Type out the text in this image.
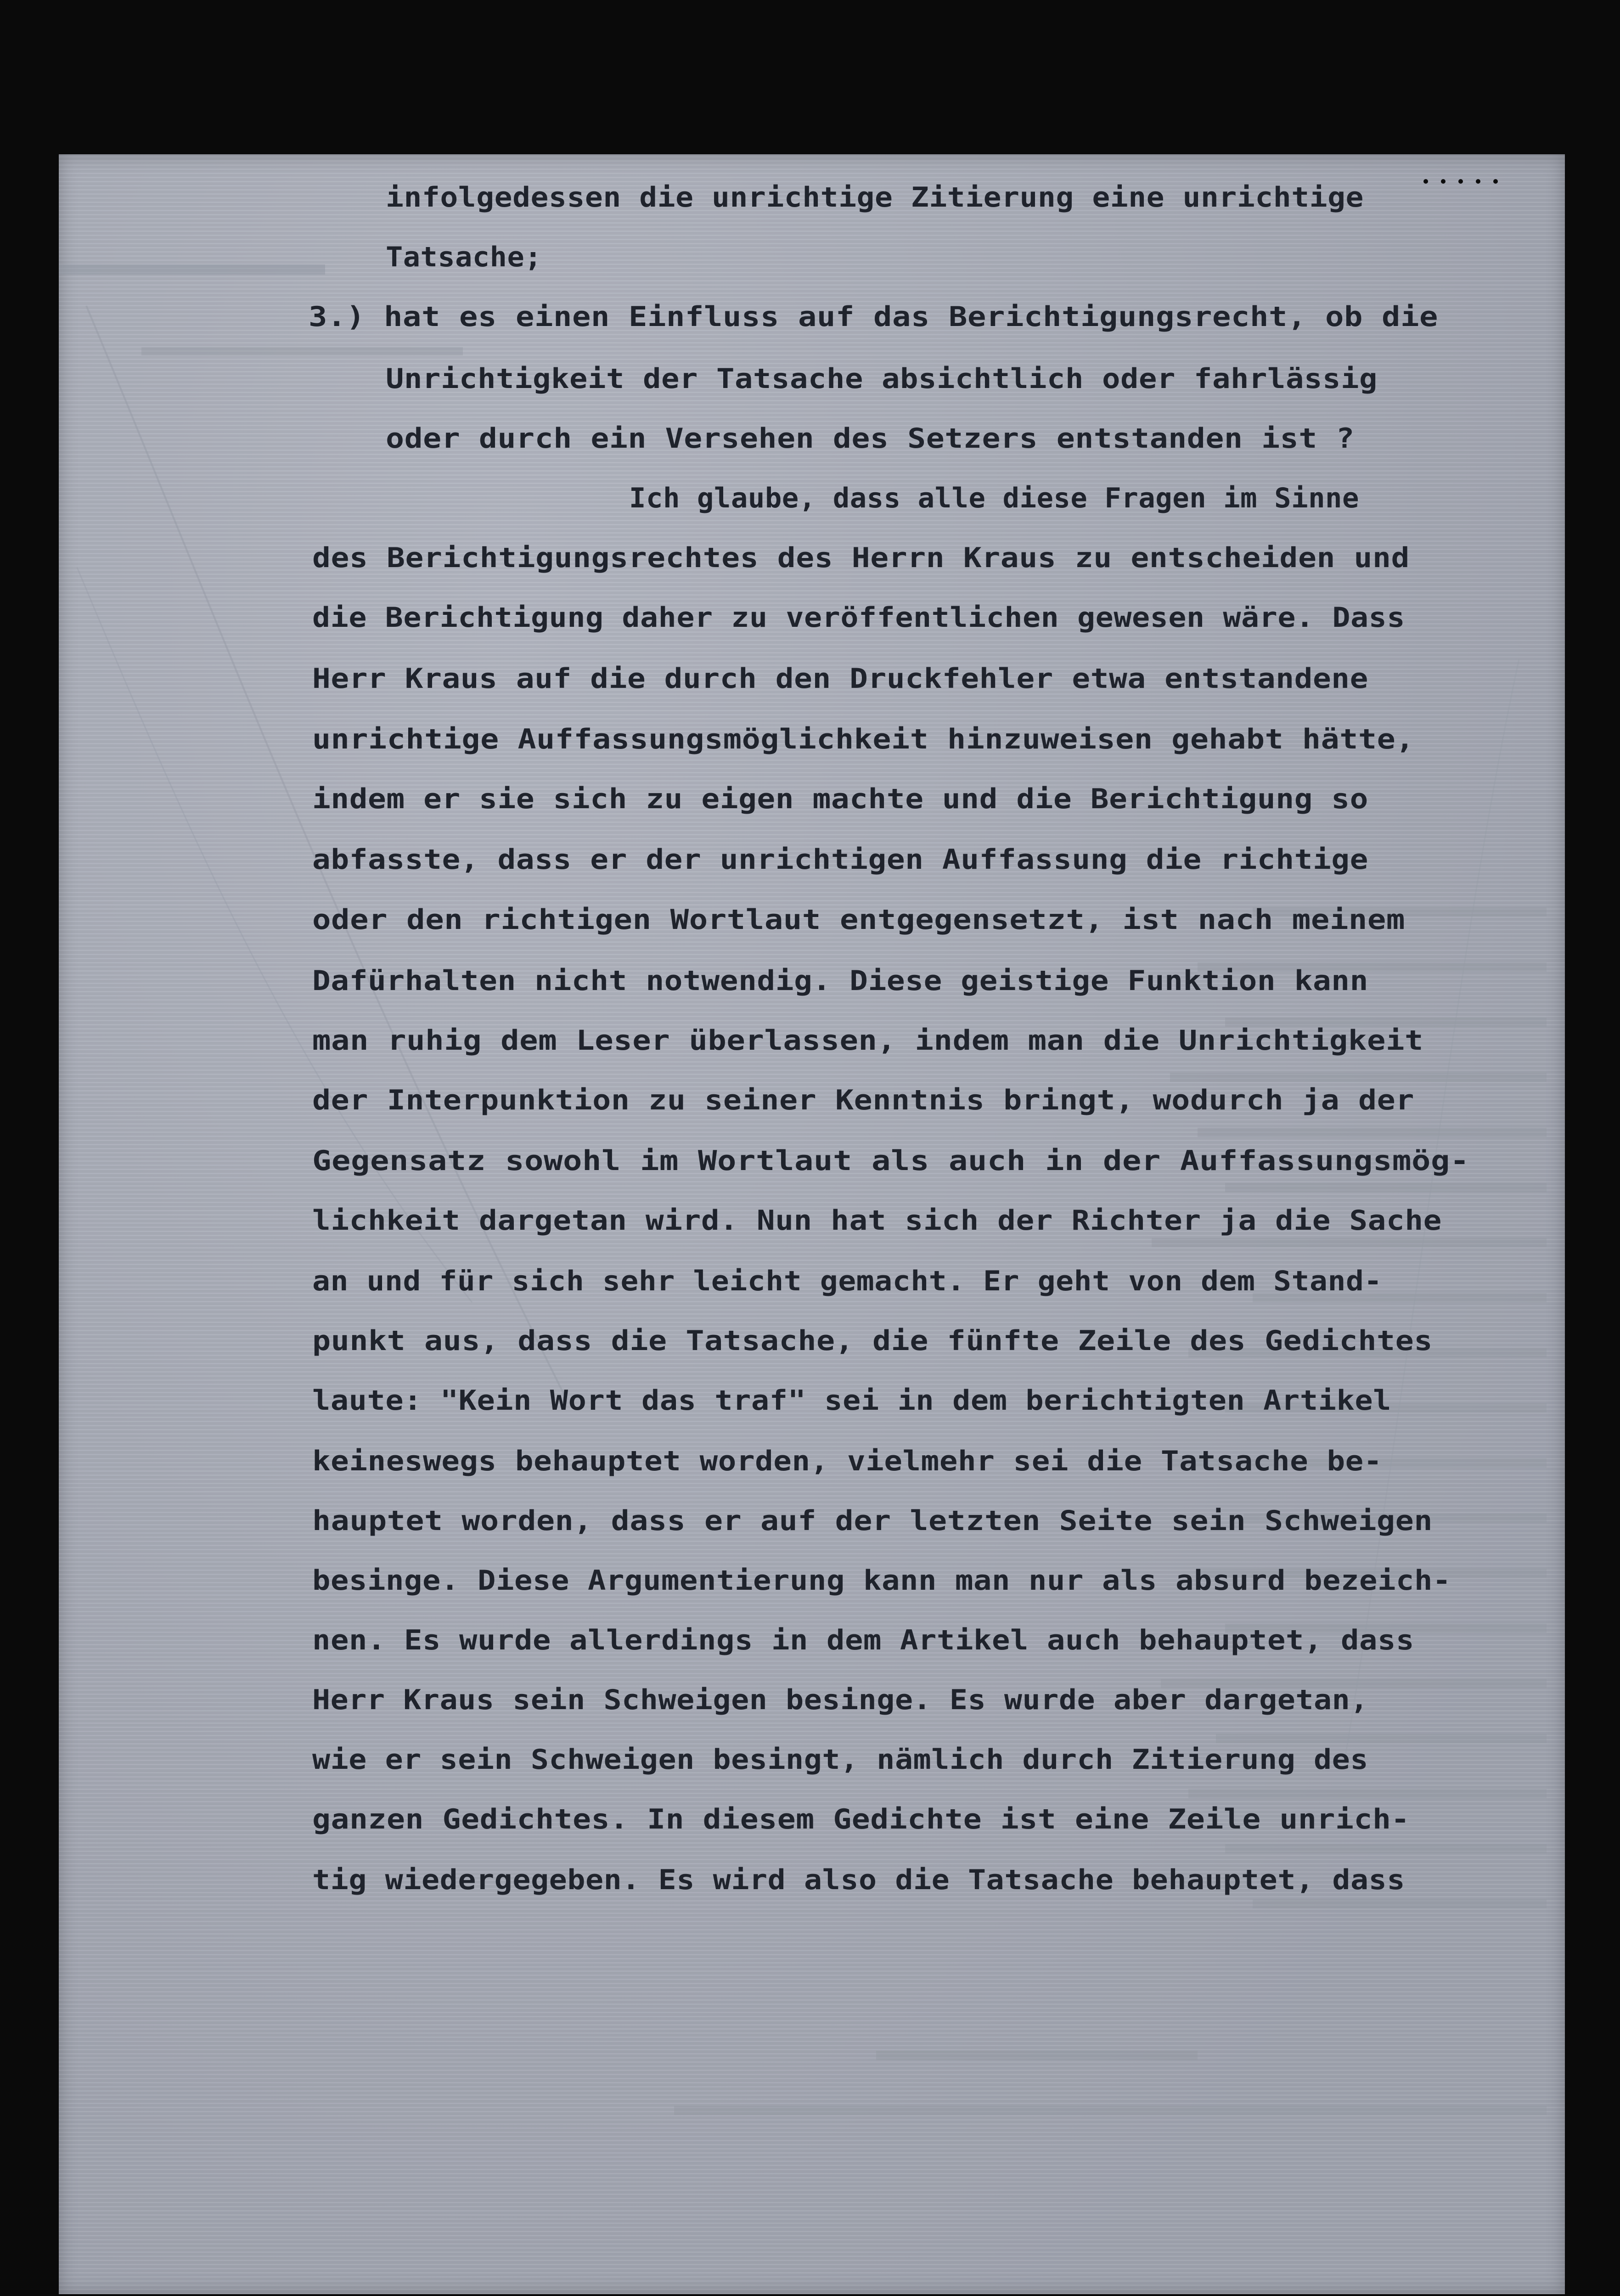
infolgedessen die unrichtige Zitierung eine unrichtige
Tatsache;
3.) hat es einen Einfluss auf das Berichtigungsrecht, ob die
Unrichtigkeit der Tatsache absichtlich oder fahrlässig
oder durch ein Versehen des Setzers entstanden ist ?
Ich glaube, dass alle diese Fragen im Sinne
des Berichtigungsrechtes des Herrn Kraus zu entscheiden und
die Berichtigung daher zu veröffentlichen gewesen wäre. Dass
Herr Kraus auf die durch den Druckfehler etwa entstandene
unrichtige Auffassungsmöglichkeit hinzuweisen gehabt hätte,
indem er sie sich zu eigen machte und die Berichtigung so
abfasste, dass er der unrichtigen Auffassung die richtige
oder den richtigen Wortlaut entgegensetzt, ist nach meinem
Dafürhalten nicht notwendig. Diese geistige Funktion kann
man ruhig dem Leser überlassen, indem man die Unrichtigkeit
der Interpunktion zu seiner Kenntnis bringt, wodurch ja der
Gegensatz sowohl im Wortlaut als auch in der Auffassungsmög-
lichkeit dargetan wird. Nun hat sich der Richter ja die Sache
an und für sich sehr leicht gemacht. Er geht von dem Stand-
punkt aus, dass die Tatsache, die fünfte Zeile des Gedichtes
laute: "Kein Wort das traf" sei in dem berichtigten Artikel
keineswegs behauptet worden, vielmehr sei die Tatsache be-
hauptet worden, dass er auf der letzten Seite sein Schweigen
besinge. Diese Argumentierung kann man nur als absurd bezeich-
nen. Es wurde allerdings in dem Artikel auch behauptet, dass
Herr Kraus sein Schweigen besinge. Es wurde aber dargetan,
wie er sein Schweigen besingt, nämlich durch Zitierung des
ganzen Gedichtes. In diesem Gedichte ist eine Zeile unrich-
tig wiedergegeben. Es wird also die Tatsache behauptet, dass
